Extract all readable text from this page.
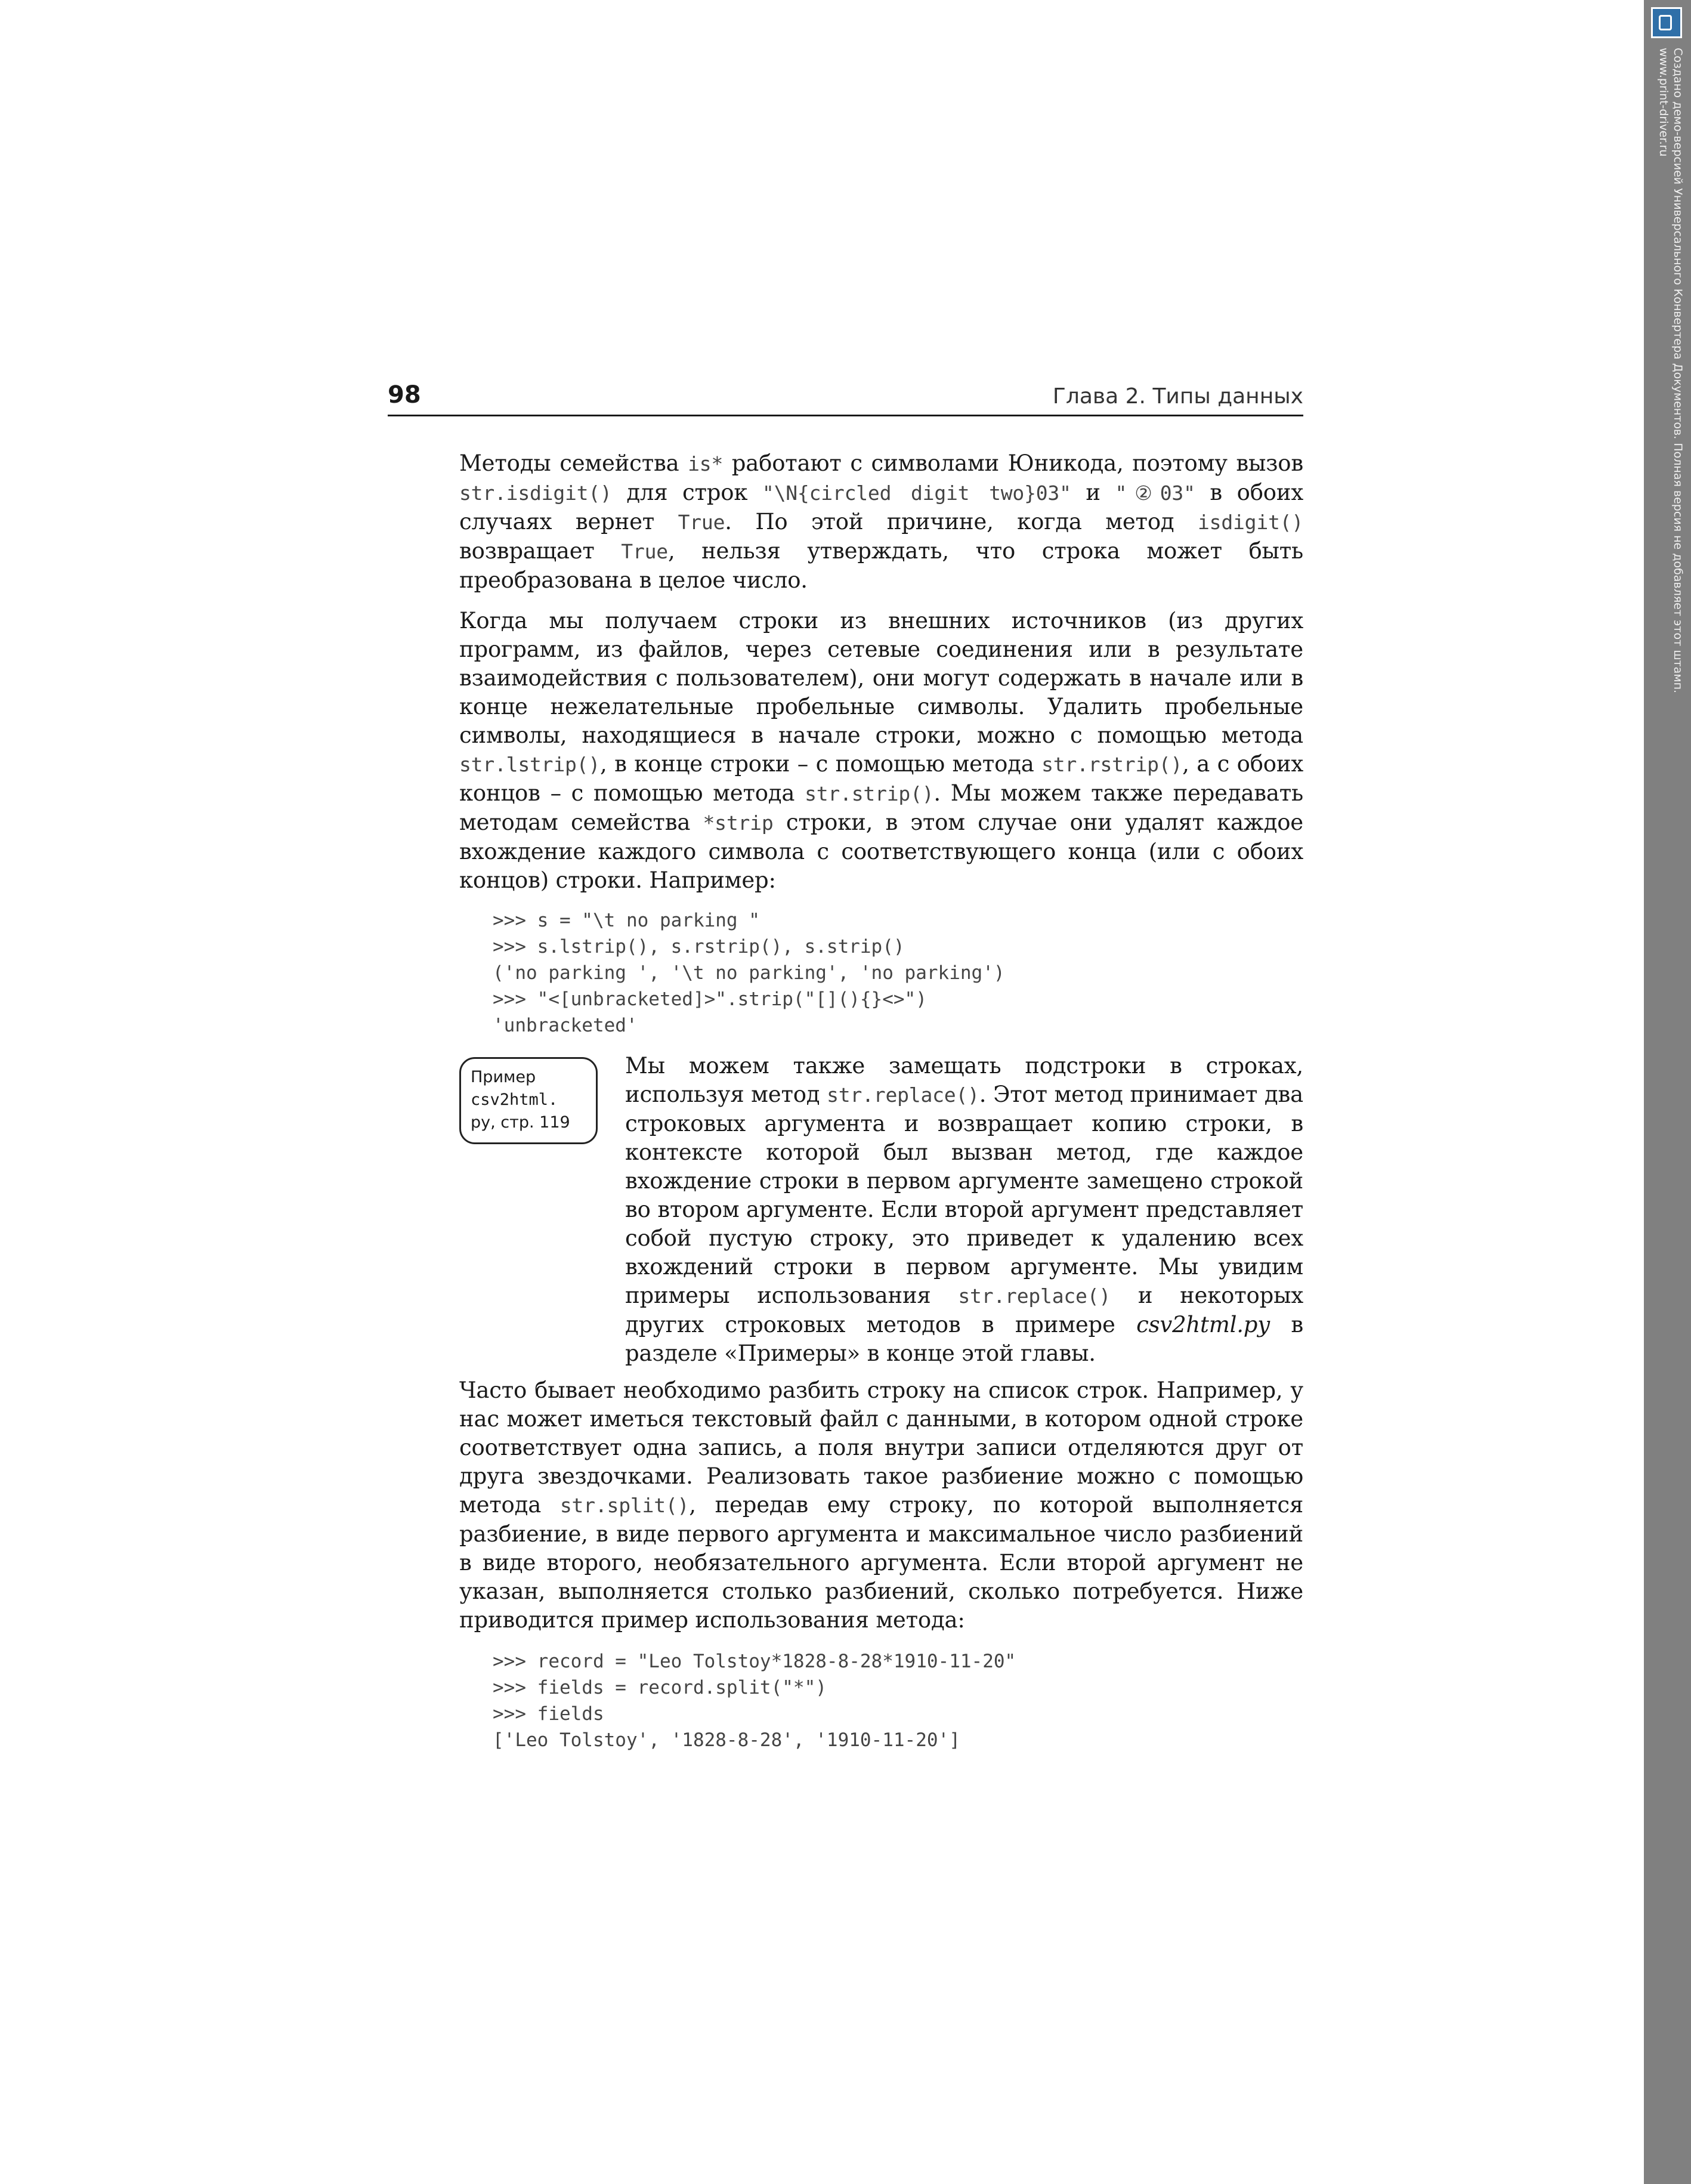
98	Глава 2. Типы данных

Методы семейства is* работают с символами Юникода, поэтому вызов str.isdigit() для строк "\N{circled digit two}03" и "②03" в обоих случаях вернет True. По этой причине, когда метод isdigit() возвращает True, нельзя утверждать, что строка может быть преобразована в целое число.

Когда мы получаем строки из внешних источников (из других программ, из файлов, через сетевые соединения или в результате взаимодействия с пользователем), они могут содержать в начале или в конце нежелательные пробельные символы. Удалить пробельные символы, находящиеся в начале строки, можно с помощью метода str.lstrip(), в конце строки – с помощью метода str.rstrip(), а с обоих концов – с помощью метода str.strip(). Мы можем также передавать методам семейства *strip строки, в этом случае они удалят каждое вхождение каждого символа с соответствующего конца (или с обоих концов) строки. Например:

>>> s = "\t no parking "
>>> s.lstrip(), s.rstrip(), s.strip()
('no parking ', '\t no parking', 'no parking')
>>> "<[unbracketed]>".strip("[](){}<>")
'unbracketed'
Пример
csv2html.
py, стр. 119

Мы можем также замещать подстроки в строках, используя метод str.replace(). Этот метод принимает два строковых аргумента и возвращает копию строки, в контексте которой был вызван метод, где каждое вхождение строки в первом аргументе замещено строкой во втором аргументе. Если второй аргумент представляет собой пустую строку, это приведет к удалению всех вхождений строки в первом аргументе. Мы увидим примеры использования str.replace() и некоторых других строковых методов в примере csv2html.py в разделе «Примеры» в конце этой главы.

Часто бывает необходимо разбить строку на список строк. Например, у нас может иметься текстовый файл с данными, в котором одной строке соответствует одна запись, а поля внутри записи отделяются друг от друга звездочками. Реализовать такое разбиение можно с помощью метода str.split(), передав ему строку, по которой выполняется разбиение, в виде первого аргумента и максимальное число разбиений в виде второго, необязательного аргумента. Если второй аргумент не указан, выполняется столько разбиений, сколько потребуется. Ниже приводится пример использования метода:

>>> record = "Leo Tolstoy*1828-8-28*1910-11-20"
>>> fields = record.split("*")
>>> fields
['Leo Tolstoy', '1828-8-28', '1910-11-20']
Создано демо-версией Универсального Конвертера Документов. Полная версия не добавляет этот штамп.
www.print-driver.ru
